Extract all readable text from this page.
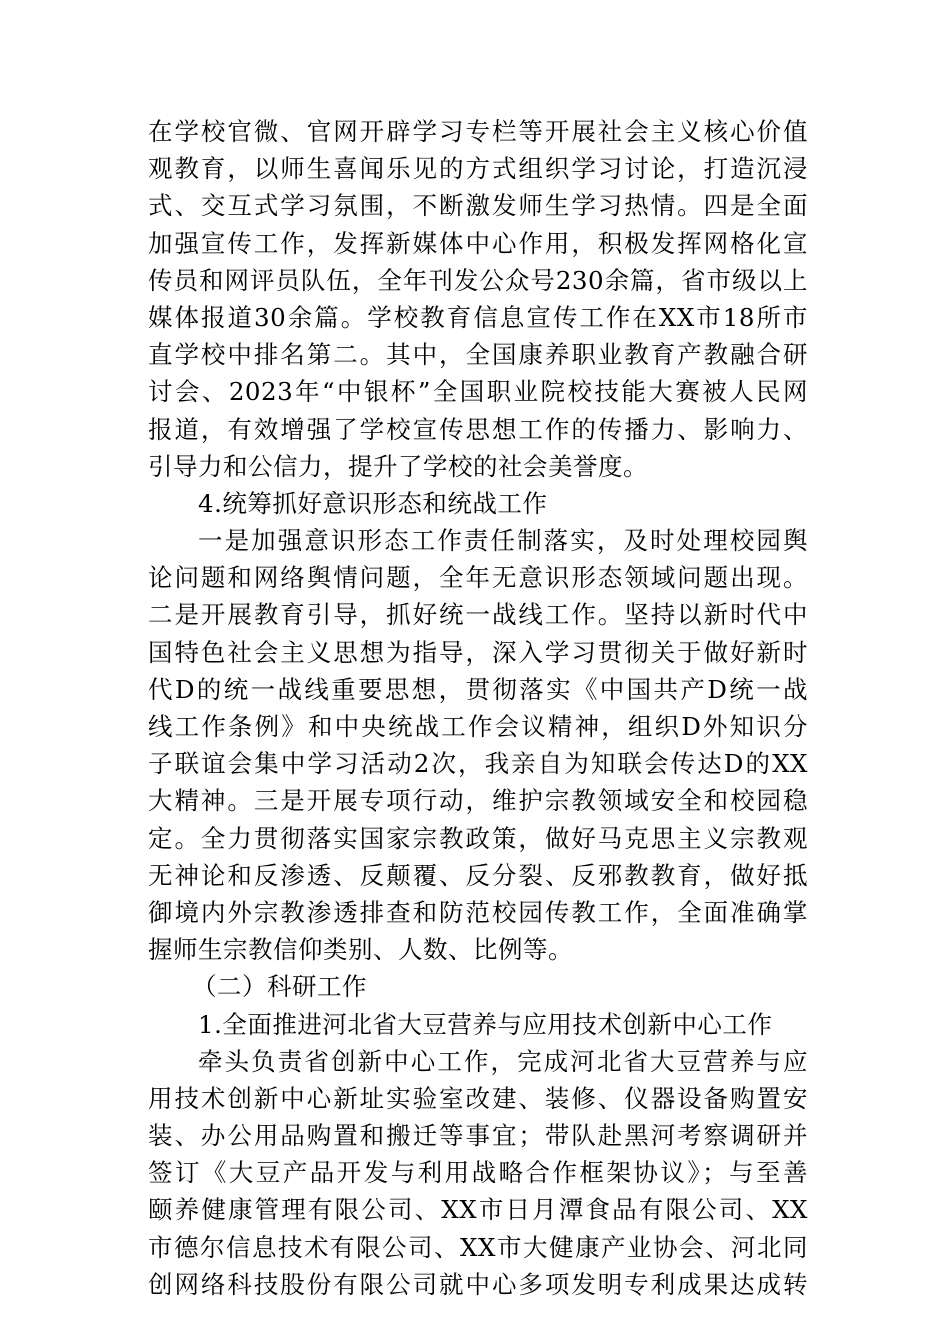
在学校官微、官网开辟学习专栏等开展社会主义核心价值
观教育，以师生喜闻乐见的方式组织学习讨论，打造沉浸
式、交互式学习氛围，不断激发师生学习热情。四是全面
加强宣传工作，发挥新媒体中心作用，积极发挥网格化宣
传员和网评员队伍，全年刊发公众号230余篇，省市级以上
媒体报道30余篇。学校教育信息宣传工作在XX市18所市
直学校中排名第二。其中，全国康养职业教育产教融合研
讨会、2023年“中银杯”全国职业院校技能大赛被人民网
报道，有效增强了学校宣传思想工作的传播力、影响力、
引导力和公信力，提升了学校的社会美誉度。
4.统筹抓好意识形态和统战工作
一是加强意识形态工作责任制落实，及时处理校园舆
论问题和网络舆情问题，全年无意识形态领域问题出现。
二是开展教育引导，抓好统一战线工作。坚持以新时代中
国特色社会主义思想为指导，深入学习贯彻关于做好新时
代D的统一战线重要思想，贯彻落实《中国共产D统一战
线工作条例》和中央统战工作会议精神，组织D外知识分
子联谊会集中学习活动2次，我亲自为知联会传达D的XX
大精神。三是开展专项行动，维护宗教领域安全和校园稳
定。全力贯彻落实国家宗教政策，做好马克思主义宗教观
无神论和反渗透、反颠覆、反分裂、反邪教教育，做好抵
御境内外宗教渗透排查和防范校园传教工作，全面准确掌
握师生宗教信仰类别、人数、比例等。
（二）科研工作
1.全面推进河北省大豆营养与应用技术创新中心工作
牵头负责省创新中心工作，完成河北省大豆营养与应
用技术创新中心新址实验室改建、装修、仪器设备购置安
装、办公用品购置和搬迁等事宜；带队赴黑河考察调研并
签订《大豆产品开发与利用战略合作框架协议》；与至善
颐养健康管理有限公司、XX市日月潭食品有限公司、XX
市德尔信息技术有限公司、XX市大健康产业协会、河北同
创网络科技股份有限公司就中心多项发明专利成果达成转
